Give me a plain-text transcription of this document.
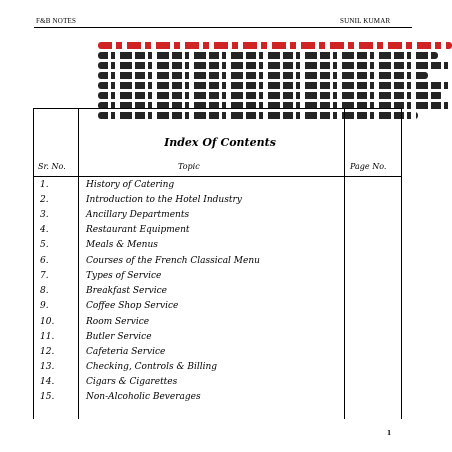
F&B NOTES	SUNIL KUMAR
Index Of Contents
Sr. No.	Topic	Page No.
1.	History of Catering
2.	Introduction to the Hotel Industry
3.	Ancillary Departments
4.	Restaurant Equipment
5.	Meals & Menus
6.	Courses of the French Classical Menu
7.	Types of Service
8.	Breakfast Service
9.	Coffee Shop Service
10.	Room Service
11.	Butler Service
12.	Cafeteria Service
13.	Checking, Controls & Billing
14.	Cigars & Cigarettes
15.	Non-Alcoholic Beverages
1
